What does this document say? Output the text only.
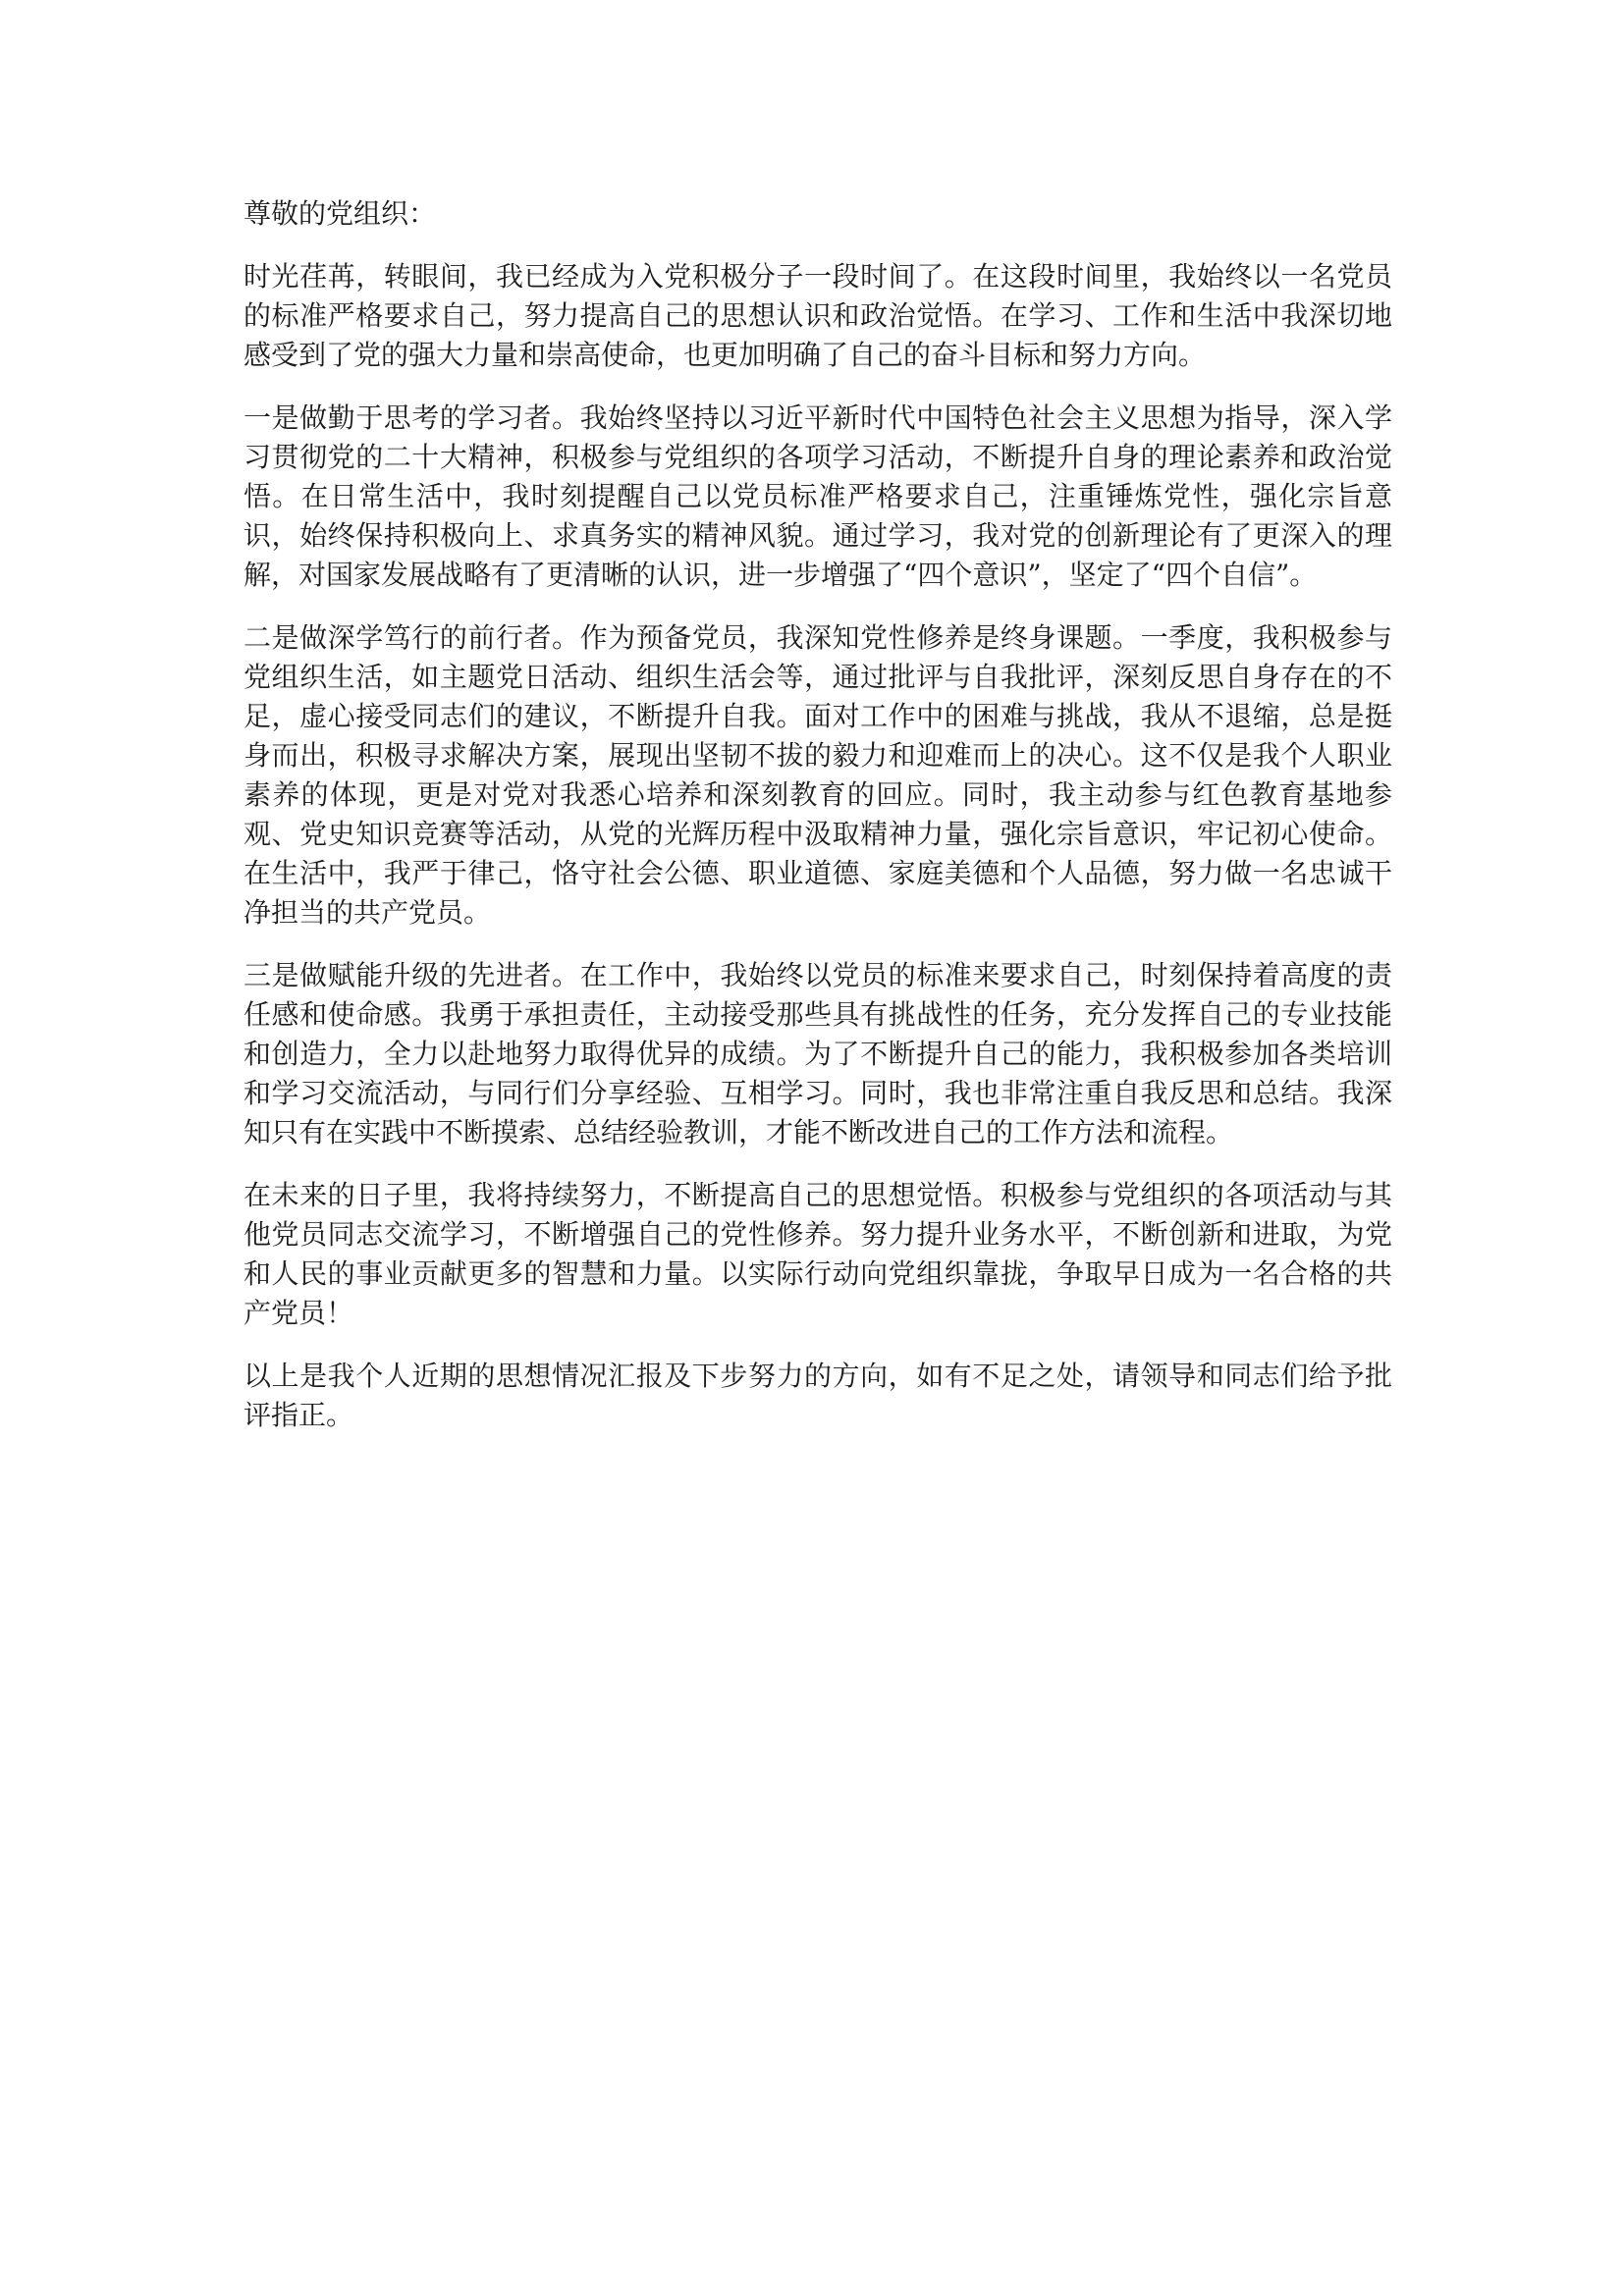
尊敬的党组织：

时光荏苒，转眼间，我已经成为入党积极分子一段时间了。在这段时间里，我始终以一名党员的标准严格要求自己，努力提高自己的思想认识和政治觉悟。在学习、工作和生活中我深切地感受到了党的强大力量和崇高使命，也更加明确了自己的奋斗目标和努力方向。

一是做勤于思考的学习者。我始终坚持以习近平新时代中国特色社会主义思想为指导，深入学习贯彻党的二十大精神，积极参与党组织的各项学习活动，不断提升自身的理论素养和政治觉悟。在日常生活中，我时刻提醒自己以党员标准严格要求自己，注重锤炼党性，强化宗旨意识，始终保持积极向上、求真务实的精神风貌。通过学习，我对党的创新理论有了更深入的理解，对国家发展战略有了更清晰的认识，进一步增强了“四个意识”，坚定了“四个自信”。

二是做深学笃行的前行者。作为预备党员，我深知党性修养是终身课题。一季度，我积极参与党组织生活，如主题党日活动、组织生活会等，通过批评与自我批评，深刻反思自身存在的不足，虚心接受同志们的建议，不断提升自我。面对工作中的困难与挑战，我从不退缩，总是挺身而出，积极寻求解决方案，展现出坚韧不拔的毅力和迎难而上的决心。这不仅是我个人职业素养的体现，更是对党对我悉心培养和深刻教育的回应。同时，我主动参与红色教育基地参观、党史知识竞赛等活动，从党的光辉历程中汲取精神力量，强化宗旨意识，牢记初心使命。在生活中，我严于律己，恪守社会公德、职业道德、家庭美德和个人品德，努力做一名忠诚干净担当的共产党员。

三是做赋能升级的先进者。在工作中，我始终以党员的标准来要求自己，时刻保持着高度的责任感和使命感。我勇于承担责任，主动接受那些具有挑战性的任务，充分发挥自己的专业技能和创造力，全力以赴地努力取得优异的成绩。为了不断提升自己的能力，我积极参加各类培训和学习交流活动，与同行们分享经验、互相学习。同时，我也非常注重自我反思和总结。我深知只有在实践中不断摸索、总结经验教训，才能不断改进自己的工作方法和流程。

在未来的日子里，我将持续努力，不断提高自己的思想觉悟。积极参与党组织的各项活动与其他党员同志交流学习，不断增强自己的党性修养。努力提升业务水平，不断创新和进取，为党和人民的事业贡献更多的智慧和力量。以实际行动向党组织靠拢，争取早日成为一名合格的共产党员！

以上是我个人近期的思想情况汇报及下步努力的方向，如有不足之处，请领导和同志们给予批评指正。
